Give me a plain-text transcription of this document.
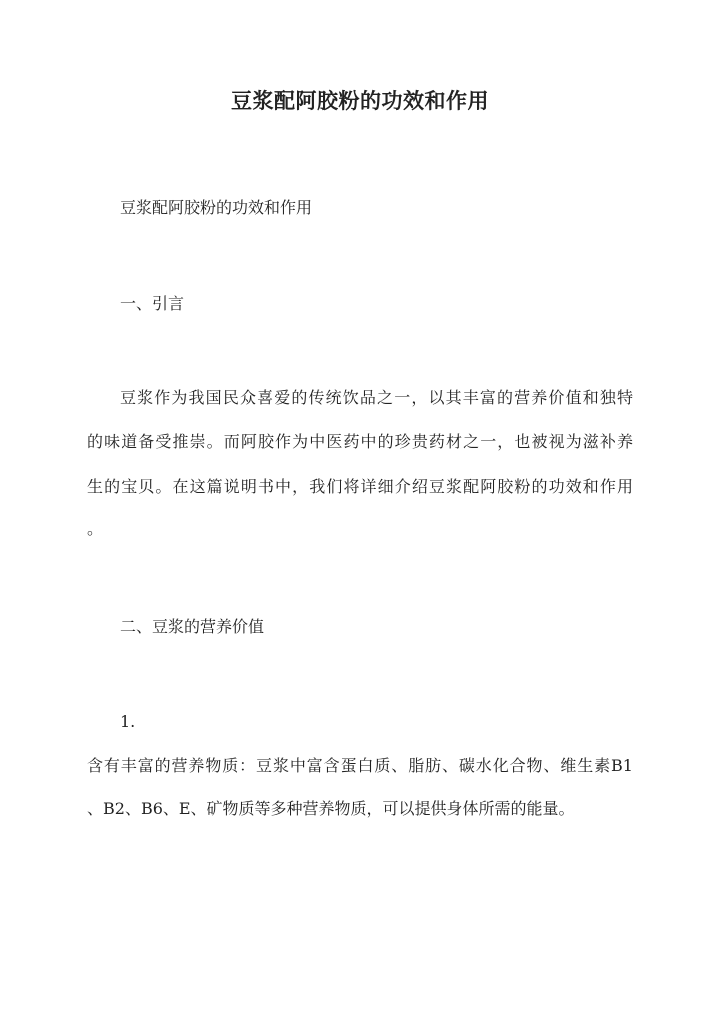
豆浆配阿胶粉的功效和作用
豆浆配阿胶粉的功效和作用
一、引言
豆浆作为我国民众喜爱的传统饮品之一，以其丰富的营养价值和独特
的味道备受推崇。而阿胶作为中医药中的珍贵药材之一，也被视为滋补养
生的宝贝。在这篇说明书中，我们将详细介绍豆浆配阿胶粉的功效和作用
。
二、豆浆的营养价值
1.
含有丰富的营养物质：豆浆中富含蛋白质、脂肪、碳水化合物、维生素B1
、B2、B6、E、矿物质等多种营养物质，可以提供身体所需的能量。
